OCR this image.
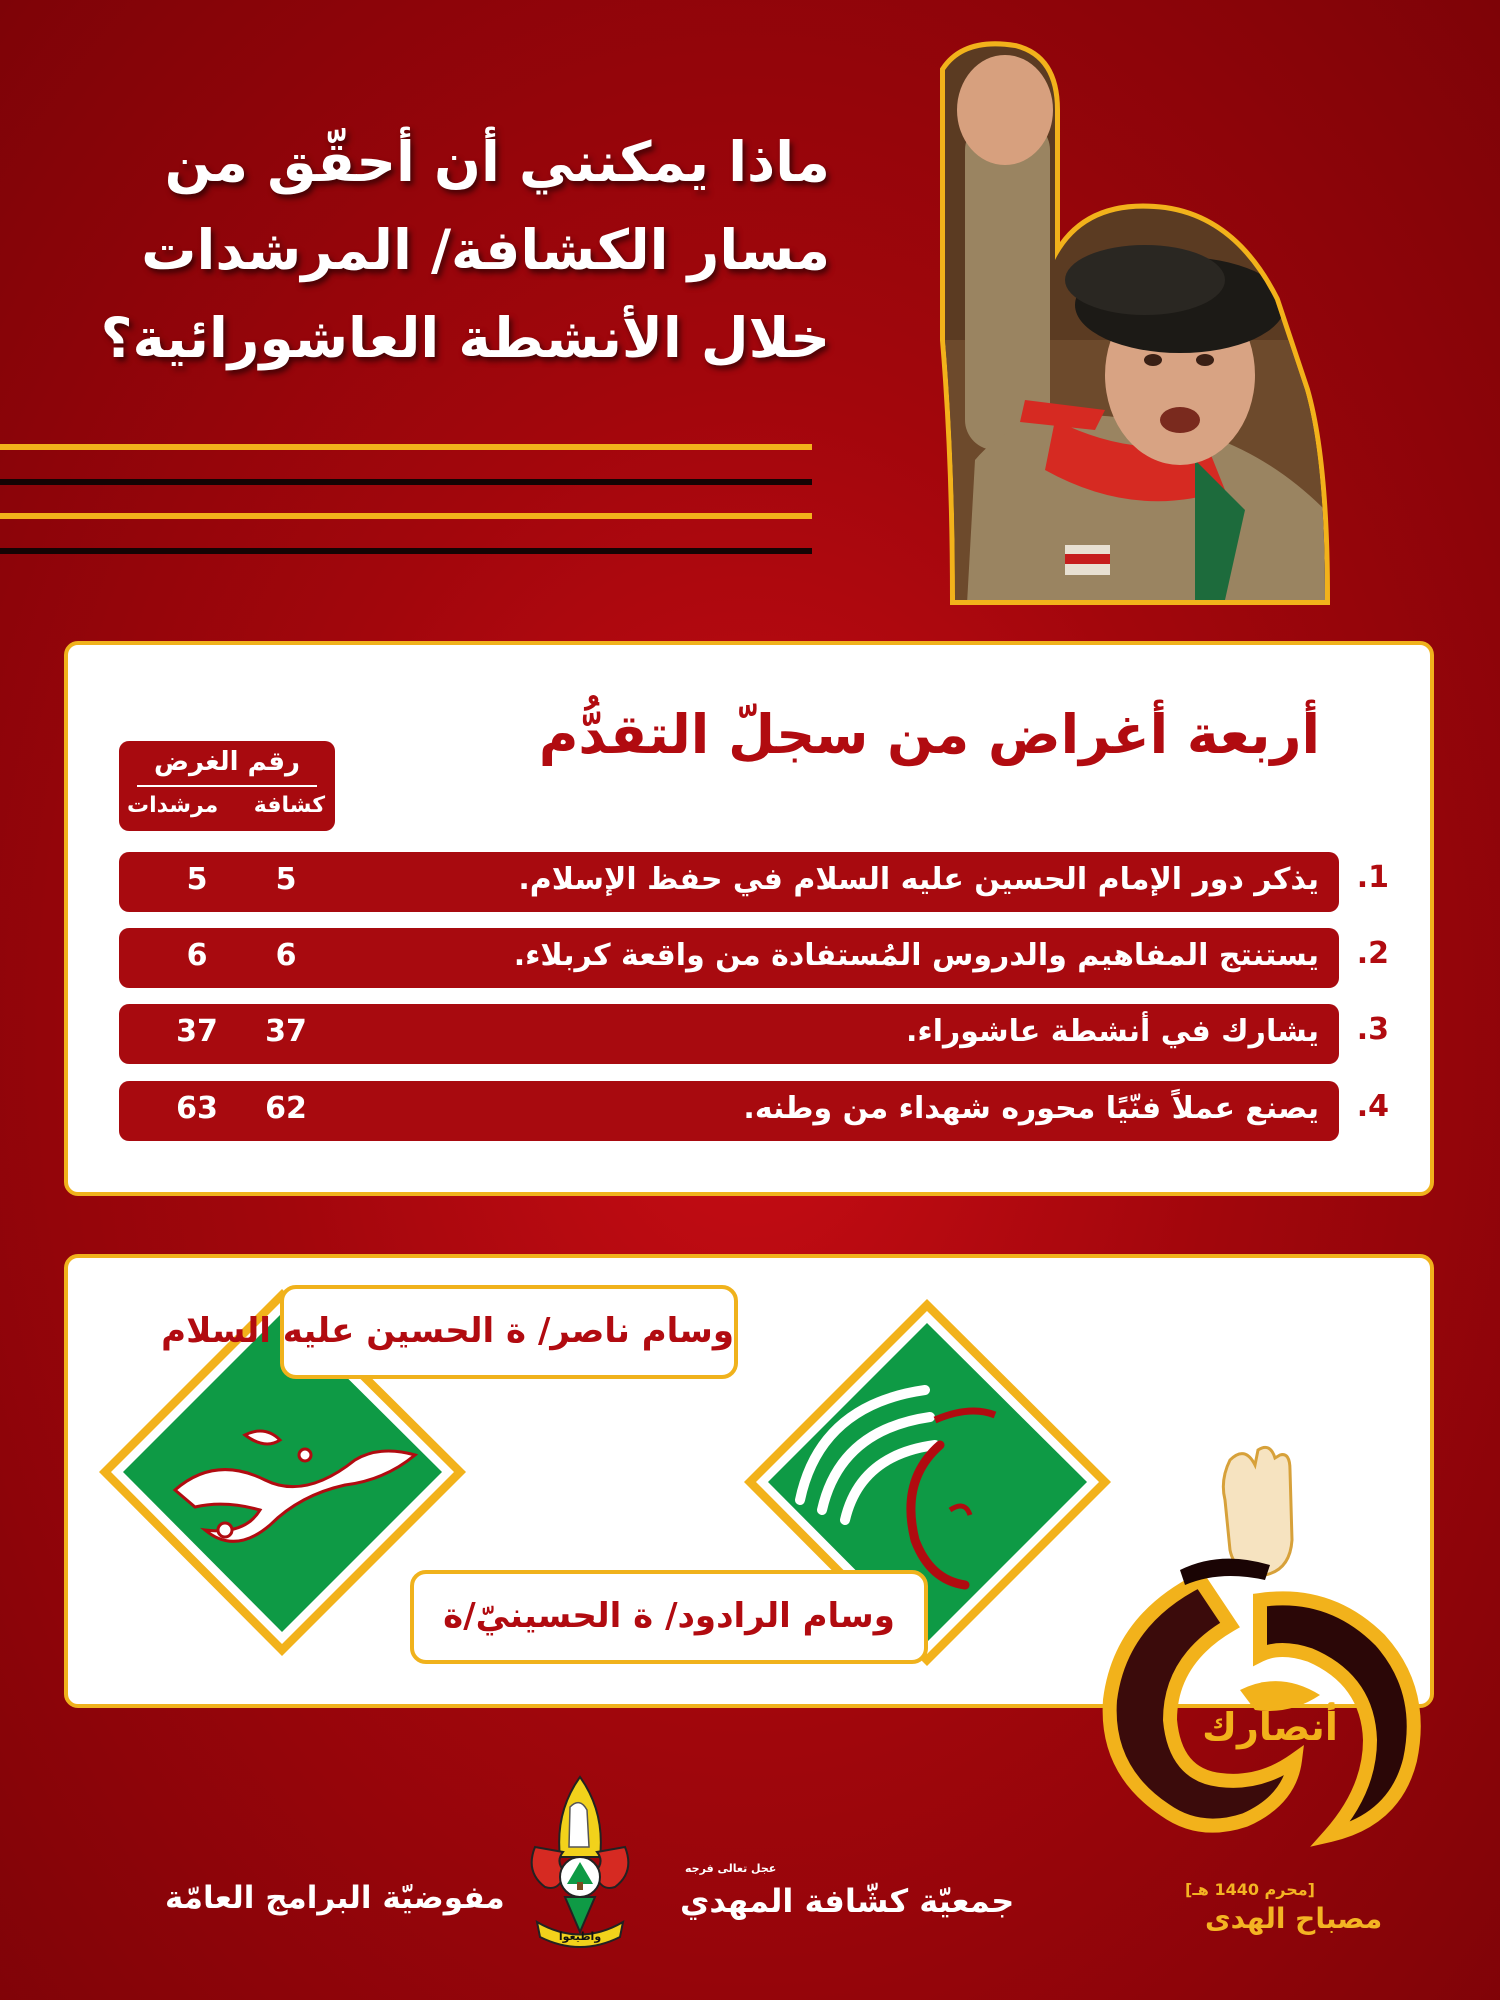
ماذا يمكنني أن أحقّق من
مسار الكشافة/ المرشدات
خلال الأنشطة العاشورائية؟
أربعة أغراض من سجلّ التقدُّم
رقم الغرض
كشافة
مرشدات
.1
يذكر دور الإمام الحسين عليه السلام في حفظ الإسلام.
5
5
.2
يستنتج المفاهيم والدروس المُستفادة من واقعة كربلاء.
6
6
.3
يشارك في أنشطة عاشوراء.
37
37
.4
يصنع عملاً فنّيًا محوره شهداء من وطنه.
62
63
وسام ناصر/ ة الحسين عليه السلام
وسام الرادود/ ة الحسينيّ/ة
أنصارك
[محرم 1440 هـ]
مصباح الهدى
مفوضيّة البرامج العامّة
واطيعوا
عجل تعالى فرجه
جمعيّة كشّافة المهدي
